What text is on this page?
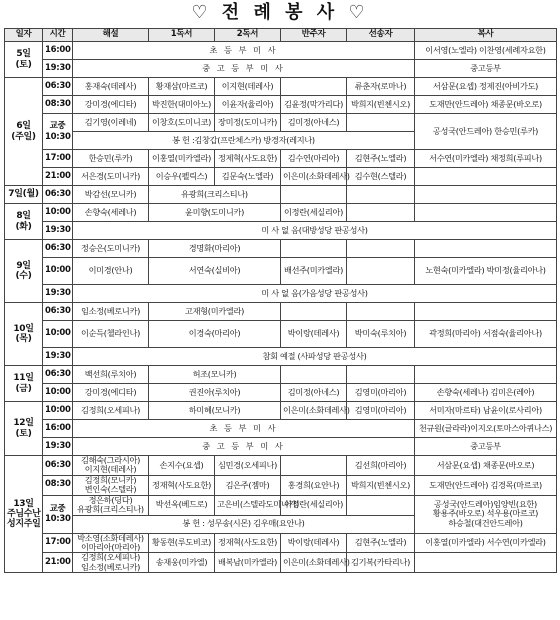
♡ 전 례 봉 사 ♡
일자	시간	해설	1독서	2독서	반주자	선송자	복사
5일
(토)	16:00	초 등 부 미 사					이서영(노엘라) 이찬영(세례자요한)
	19:30	중 고 등 부 미 사					중고등부
6일
(주일)	06:30	홍재숙(데레사)	황재삼(마르코)	이지현(데레사)		류춘자(로마나)	서삼문(요셉) 정제진(아비가도)
	08:30	강미경(에디타)	박진한(대미아노)	이윤자(율리아)	김윤정(막가리다)	박희지(빈첸시오)	도재만(안드레아) 채종문(바오로)
	교중
10:30	김기영(이레네)	이창호(도미니코)	장미정(도미니카)	김미정(아네스)		공성국(안드레아) 한승민(루카)
		봉 헌 :김창갑(프란체스카) 방경자(레지나)					
	17:00	한승민(루카)	이홍열(미카엘라)	정제혁(사도요한)	김수연(마리아)	김현주(노엘라)	서수연(미카엘라) 채정희(루피나)
	21:00	서은경(도미니카)	이승우(펠릭스)	김문숙(노엘라)	이은미(소화데레사)	김수현(스텔라)	
7일(월)	06:30	박감선(모니카)	유광희(크리스티나)				
8일
(화)	10:00	손향숙(세레나)	윤미향(도미니카)		이정란(세실리아)		
	19:30	미 사 없 음(대방성당 판공성사)					
9일
(수)	06:30	정승은(도미니카)	경명화(마리아)				
	10:00	이미경(안나)	서연숙(실비아)		배선주(미카엘라)		노현숙(미카엘라) 박미정(율리아나)
	19:30	미 사 없 음(가음성당 판공성사)					
10일
(목)	06:30	임소정(베로니카)	고재형(미카엘라)				
	10:00	이순득(첼라인나)	이경숙(마리아)		박이랑(데레사)	박미숙(루치아)	곽정희(마리아) 서점숙(율리아나)
	19:30	참회 예절 (사파성당 판공성사)					
11일
(금)	06:30	백선희(루치아)	허조(모니카)				
	10:00	강미경(에디타)	권진아(루치아)		김미정(아네스)	김영미(마리아)	손향숙(세레나) 김미은(레아)
12일
(토)	10:00	김정희(오세피나)	하미혜(모니카)		이은미(소화데레사)	김영미(마리아)	서미자(마르타) 남윤이(로사리아)
	16:00	초 등 부 미 사					천규원(글라라)이지오(토마스아퀴나스)
	19:30	중 고 등 부 미 사					중고등부
13일
주님수난
성지주일	06:30	김해숙(그라시아)
이지현(데레사)	손지수(요셉)	심민경(오세피나)		김선희(마리아)	서삼문(요셉) 채종문(바오로)
	08:30	김정희(모니카)
변인숙(스텔라)	정재혁(사도요한)	김은주(젬마)	홍경희(요안나)	박희지(빈첸시오)	도재만(안드레아) 김경목(마르코)
	교중
10:30	정은하(딩다)
유광희(크리스티나)	박선옥(베드로)	고은비(스텔라도미니카)	이정란(세실리아)		공성국(안드레아)임양빈(요한)
황용주(바오로) 석우용(마르코)
하승철(대건안드레아)

		봉 헌 : 성무송(시몬) 김우매(요안나)					
	17:00	박소영(소화데레사)
이마리아(마리아)	황동현(루도비코)	정재혁(사도요한)	박이랑(데레사)	김현주(노엘라)	이홍열(미카엘라) 서수연(미카엘라)
	21:00	김정희(오세피나)
임소정(베로니카)	송재웅(미카엘)	배복남(미카엘라)	이은미(소화데레사)	김기복(카타리나)	
